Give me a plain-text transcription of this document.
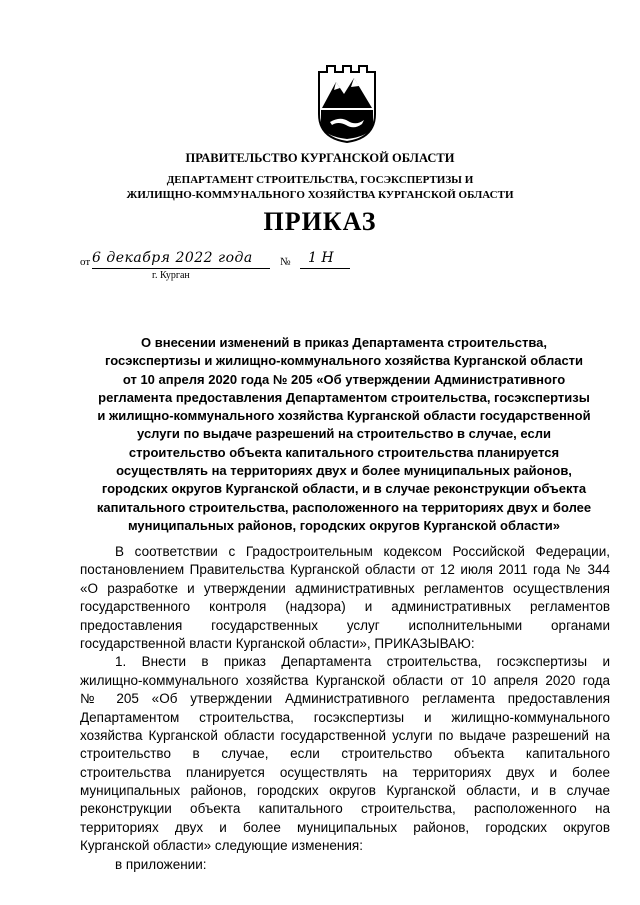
ПРАВИТЕЛЬСТВО КУРГАНСКОЙ ОБЛАСТИ
ДЕПАРТАМЕНТ СТРОИТЕЛЬСТВА, ГОСЭКСПЕРТИЗЫ И
ЖИЛИЩНО-КОММУНАЛЬНОГО ХОЗЯЙСТВА КУРГАНСКОЙ ОБЛАСТИ
ПРИКАЗ
от 6 декабря 2022 года № 1 Н
г. Курган
О внесении изменений в приказ Департамента строительства,
госэкспертизы и жилищно-коммунального хозяйства Курганской области
от 10 апреля 2020 года № 205 «Об утверждении Административного
регламента предоставления Департаментом строительства, госэкспертизы
и жилищно-коммунального хозяйства Курганской области государственной
услуги по выдаче разрешений на строительство в случае, если
строительство объекта капитального строительства планируется
осуществлять на территориях двух и более муниципальных районов,
городских округов Курганской области, и в случае реконструкции объекта
капитального строительства, расположенного на территориях двух и более
муниципальных районов, городских округов Курганской области»
В соответствии с Градостроительным кодексом Российской Федерации,
постановлением Правительства Курганской области от 12 июля 2011 года № 344
«О разработке и утверждении административных регламентов осуществления
государственного контроля (надзора) и административных регламентов
предоставления государственных услуг исполнительными органами
государственной власти Курганской области», ПРИКАЗЫВАЮ:
1. Внести в приказ Департамента строительства, госэкспертизы и
жилищно-коммунального хозяйства Курганской области от 10 апреля 2020 года
№ 205 «Об утверждении Административного регламента предоставления
Департаментом строительства, госэкспертизы и жилищно-коммунального
хозяйства Курганской области государственной услуги по выдаче разрешений на
строительство в случае, если строительство объекта капитального
строительства планируется осуществлять на территориях двух и более
муниципальных районов, городских округов Курганской области, и в случае
реконструкции объекта капитального строительства, расположенного на
территориях двух и более муниципальных районов, городских округов
Курганской области» следующие изменения:
в приложении:
